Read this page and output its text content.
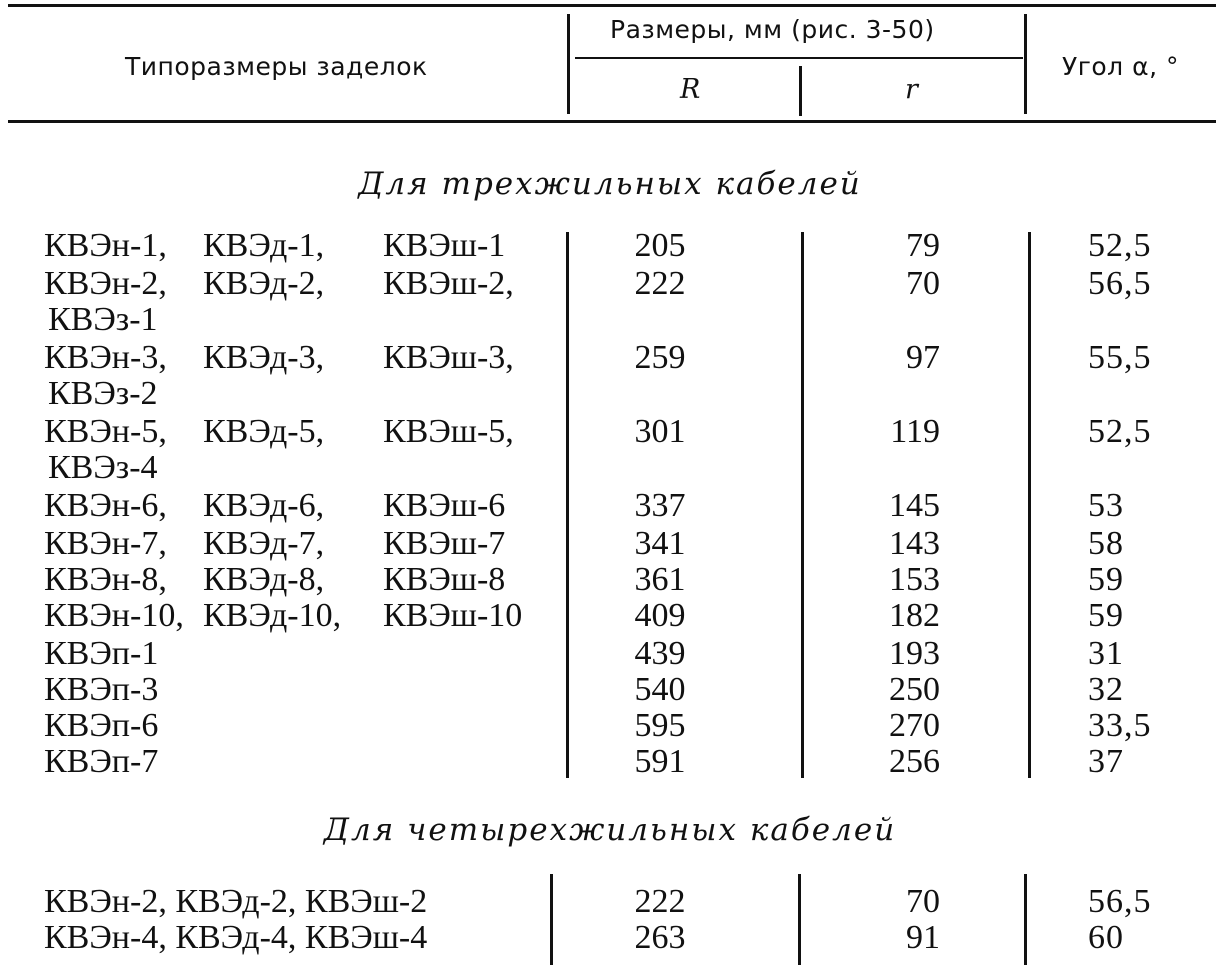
Типоразмеры заделок
Размеры, мм (рис. 3-50)
R	r
Угол α, °
Для трехжильных кабелей
КВЭн-1, КВЭд-1, КВЭш-1	205	79	52,5
КВЭн-2, КВЭд-2, КВЭш-2,	222	70	56,5
КВЭз-1
КВЭн-3, КВЭд-3, КВЭш-3,	259	97	55,5
КВЭз-2
КВЭн-5, КВЭд-5, КВЭш-5,	301	119	52,5
КВЭз-4
КВЭн-6, КВЭд-6, КВЭш-6	337	145	53
КВЭн-7, КВЭд-7, КВЭш-7	341	143	58
КВЭн-8, КВЭд-8, КВЭш-8	361	153	59
КВЭн-10, КВЭд-10, КВЭш-10	409	182	59
КВЭп-1	439	193	31
КВЭп-3	540	250	32
КВЭп-6	595	270	33,5
КВЭп-7	591	256	37
Для четырехжильных кабелей
КВЭн-2, КВЭд-2, КВЭш-2	222	70	56,5
КВЭн-4, КВЭд-4, КВЭш-4	263	91	60
